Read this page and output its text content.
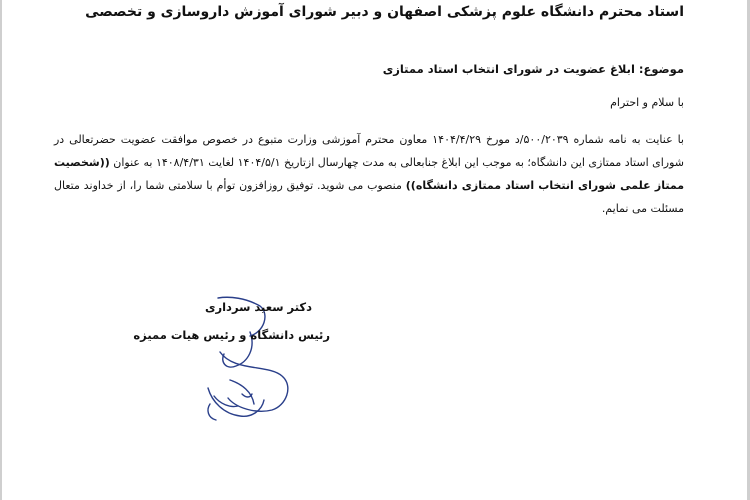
استاد محترم دانشگاه علوم پزشکی اصفهان و دبیر شورای آموزش داروسازی و تخصصی
موضوع: ابلاغ عضویت در شورای انتخاب استاد ممتازی
با سلام و احترام
با عنایت به نامه شماره ۵۰۰/۲۰۳۹/د مورخ ۱۴۰۴/۴/۲۹ معاون محترم آموزشی وزارت متبوع در خصوص موافقت عضویت حضرتعالی در شورای استاد ممتازی این دانشگاه؛ به موجب این ابلاغ جنابعالی به مدت چهارسال ازتاریخ ۱۴۰۴/۵/۱ لغایت ۱۴۰۸/۴/۳۱ به عنوان ((شخصیت ممتاز علمی شورای انتخاب استاد ممتازی دانشگاه)) منصوب می شوید. توفیق روزافزون توأم با سلامتی شما را، از خداوند متعال مسئلت می نمایم.
دکتر سعید سرداری
رئیس دانشگاه و رئیس هیات ممیزه
